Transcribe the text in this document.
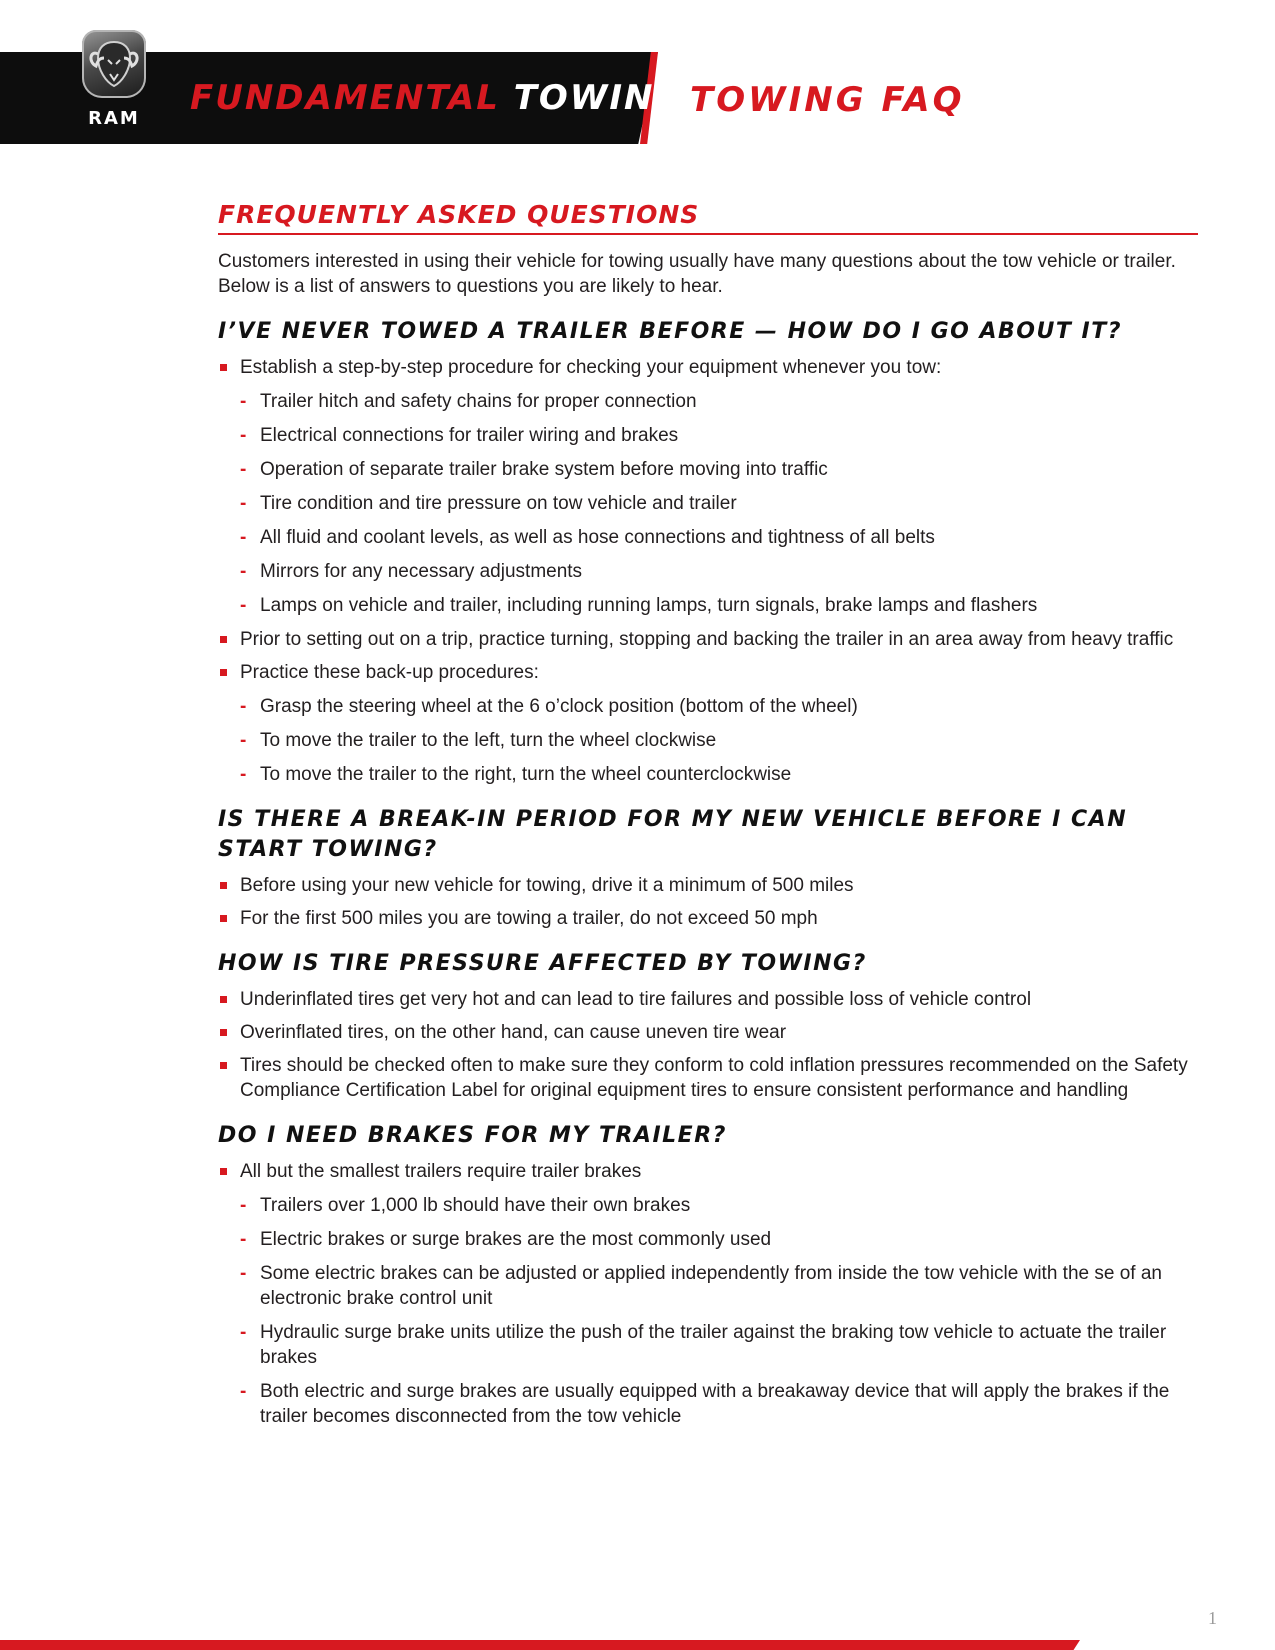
RAM
FUNDAMENTAL TOWING TOWING FAQ
FREQUENTLY ASKED QUESTIONS
Customers interested in using their vehicle for towing usually have many questions about the tow vehicle or trailer. Below is a list of answers to questions you are likely to hear.
I’VE NEVER TOWED A TRAILER BEFORE — HOW DO I GO ABOUT IT?
Establish a step-by-step procedure for checking your equipment whenever you tow:
- Trailer hitch and safety chains for proper connection
- Electrical connections for trailer wiring and brakes
- Operation of separate trailer brake system before moving into traffic
- Tire condition and tire pressure on tow vehicle and trailer
- All fluid and coolant levels, as well as hose connections and tightness of all belts
- Mirrors for any necessary adjustments
- Lamps on vehicle and trailer, including running lamps, turn signals, brake lamps and flashers
Prior to setting out on a trip, practice turning, stopping and backing the trailer in an area away from heavy traffic
Practice these back-up procedures:
- Grasp the steering wheel at the 6 o’clock position (bottom of the wheel)
- To move the trailer to the left, turn the wheel clockwise
- To move the trailer to the right, turn the wheel counterclockwise
IS THERE A BREAK-IN PERIOD FOR MY NEW VEHICLE BEFORE I CAN START TOWING?
Before using your new vehicle for towing, drive it a minimum of 500 miles
For the first 500 miles you are towing a trailer, do not exceed 50 mph
HOW IS TIRE PRESSURE AFFECTED BY TOWING?
Underinflated tires get very hot and can lead to tire failures and possible loss of vehicle control
Overinflated tires, on the other hand, can cause uneven tire wear
Tires should be checked often to make sure they conform to cold inflation pressures recommended on the Safety Compliance Certification Label for original equipment tires to ensure consistent performance and handling
DO I NEED BRAKES FOR MY TRAILER?
All but the smallest trailers require trailer brakes
- Trailers over 1,000 lb should have their own brakes
- Electric brakes or surge brakes are the most commonly used
- Some electric brakes can be adjusted or applied independently from inside the tow vehicle with the se of an electronic brake control unit
- Hydraulic surge brake units utilize the push of the trailer against the braking tow vehicle to actuate the trailer brakes
- Both electric and surge brakes are usually equipped with a breakaway device that will apply the brakes if the trailer becomes disconnected from the tow vehicle
1
